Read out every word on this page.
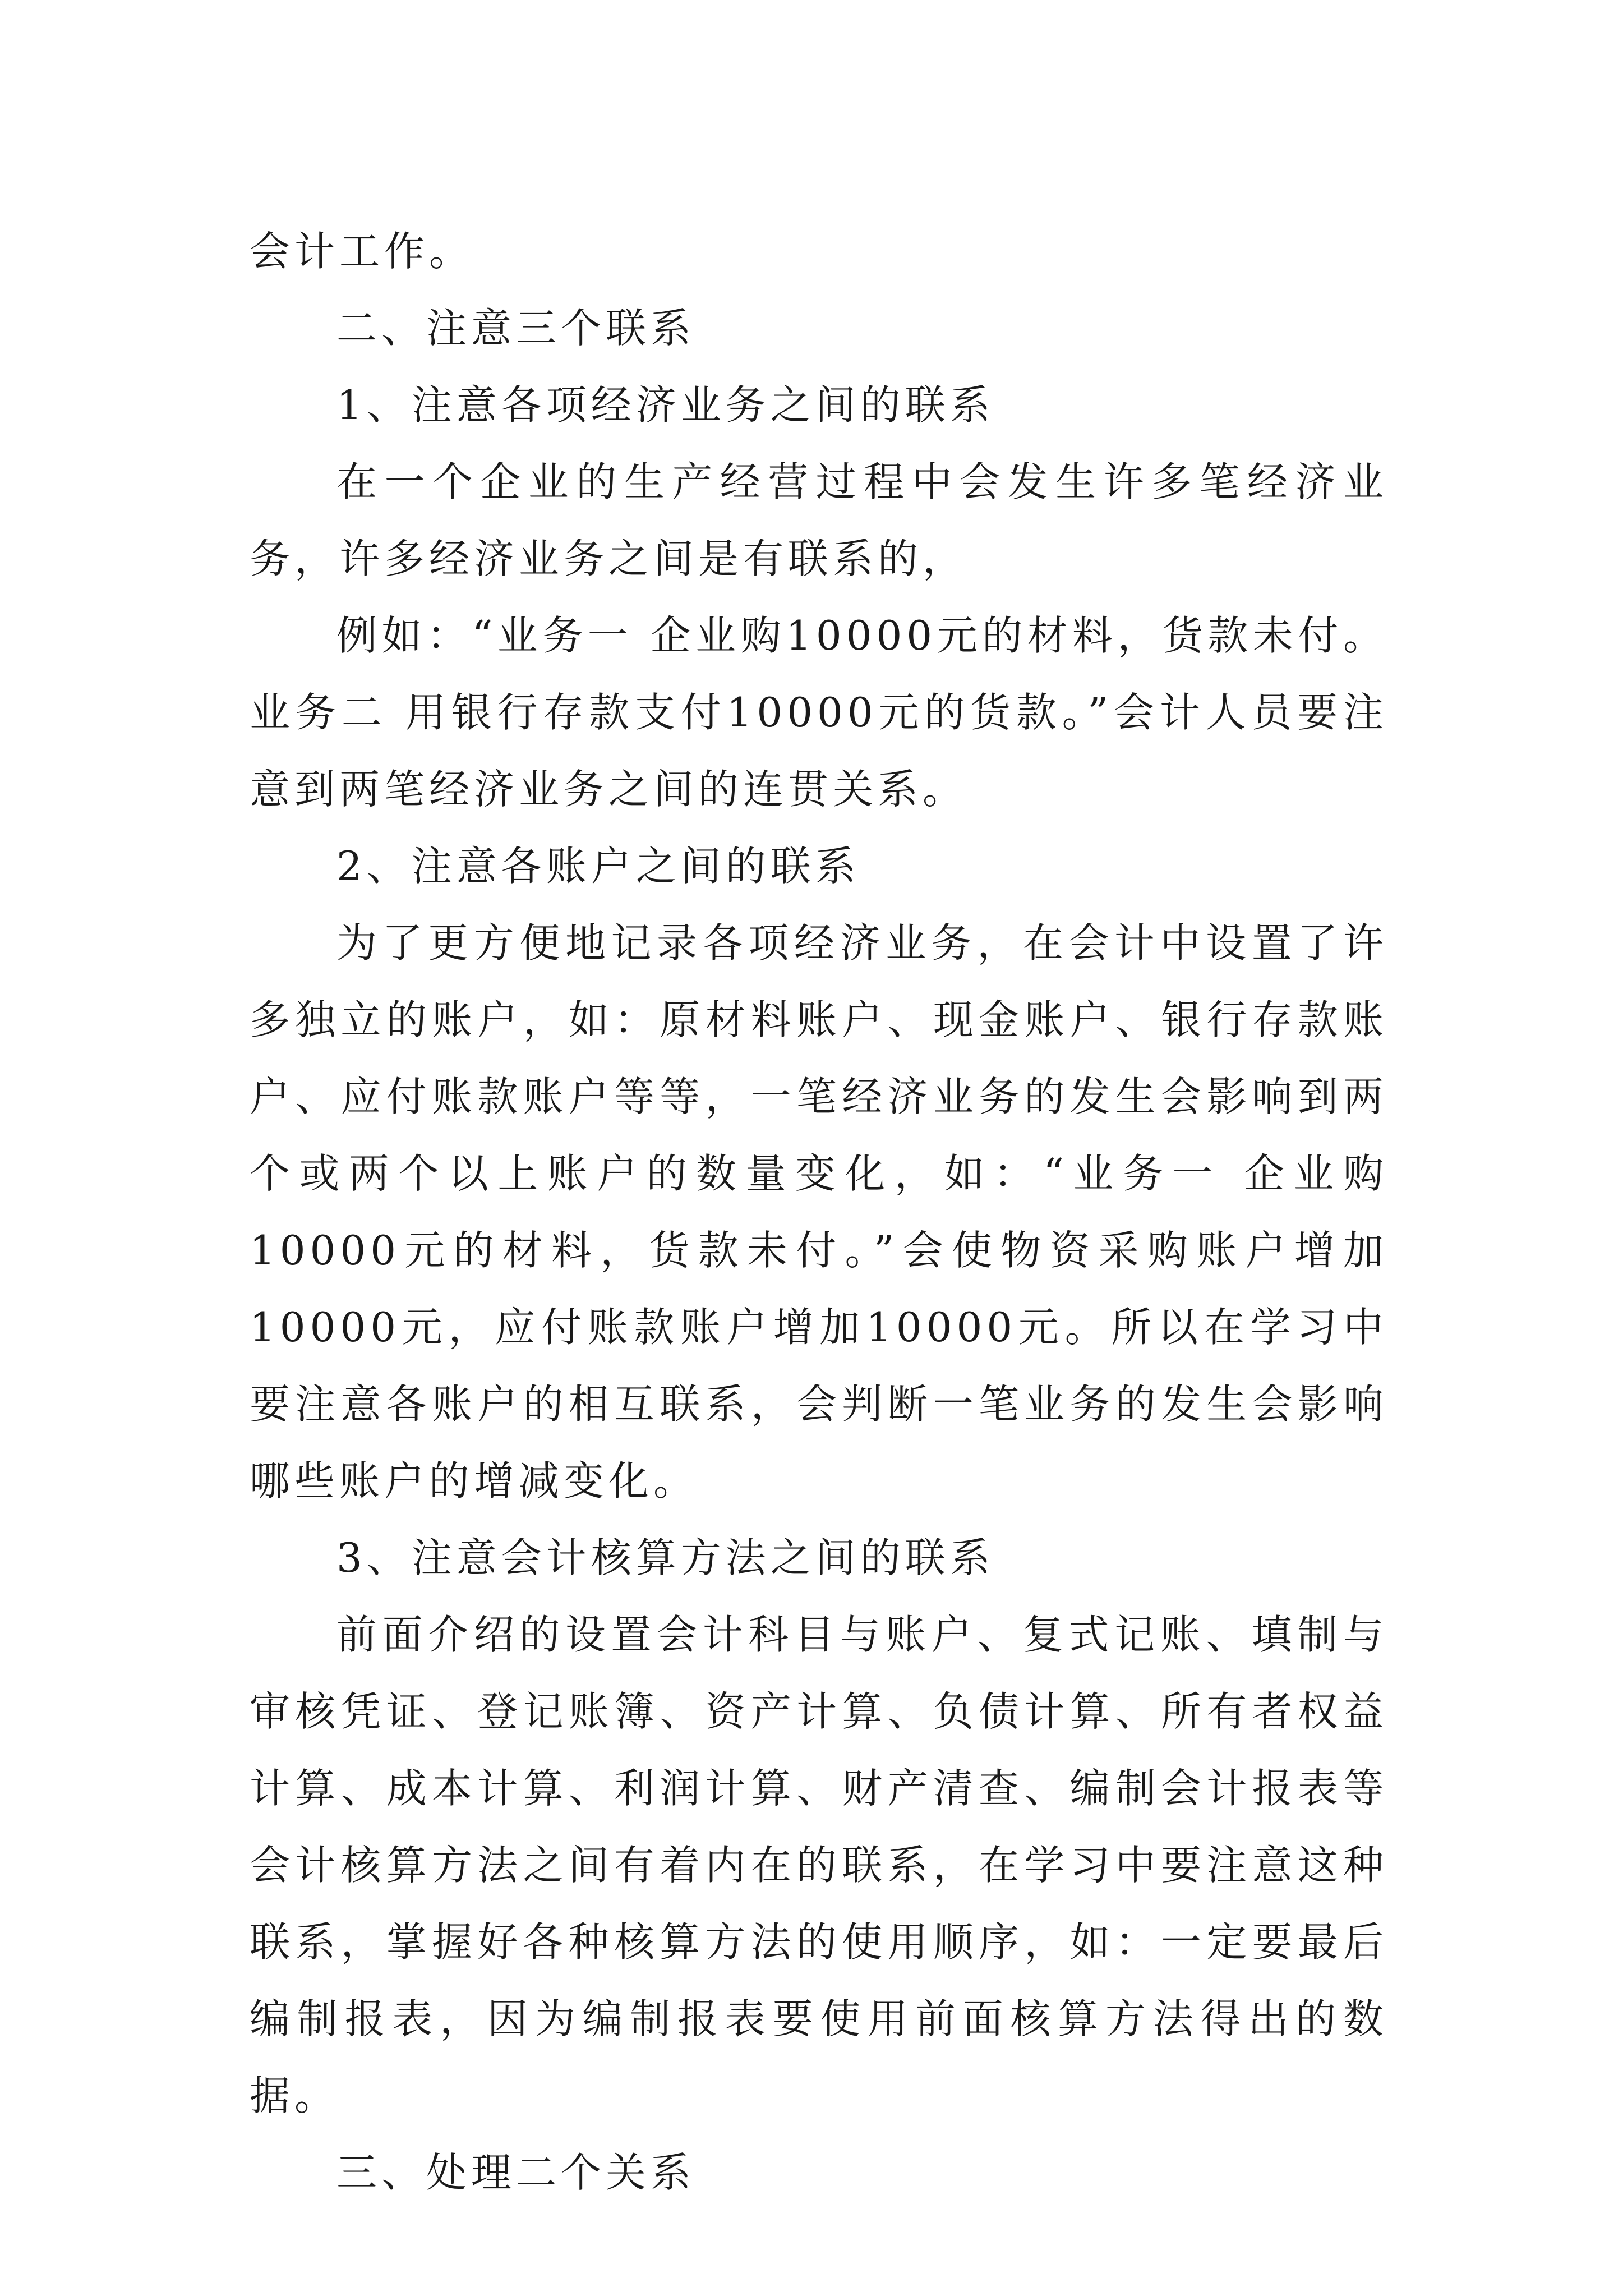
会计工作。

二、注意三个联系

1、注意各项经济业务之间的联系

在一个企业的生产经营过程中会发生许多笔经济业务，许多经济业务之间是有联系的，

例如：“业务一 企业购10000元的材料，货款未付。业务二 用银行存款支付10000元的货款。”会计人员要注意到两笔经济业务之间的连贯关系。

2、注意各账户之间的联系

为了更方便地记录各项经济业务，在会计中设置了许多独立的账户，如：原材料账户、现金账户、银行存款账户、应付账款账户等等，一笔经济业务的发生会影响到两个或两个以上账户的数量变化，如：“业务一 企业购10000元的材料，货款未付。”会使物资采购账户增加10000元，应付账款账户增加10000元。所以在学习中要注意各账户的相互联系，会判断一笔业务的发生会影响哪些账户的增减变化。

3、注意会计核算方法之间的联系

前面介绍的设置会计科目与账户、复式记账、填制与审核凭证、登记账簿、资产计算、负债计算、所有者权益计算、成本计算、利润计算、财产清查、编制会计报表等会计核算方法之间有着内在的联系，在学习中要注意这种联系，掌握好各种核算方法的使用顺序，如：一定要最后编制报表，因为编制报表要使用前面核算方法得出的数据。

三、处理二个关系
